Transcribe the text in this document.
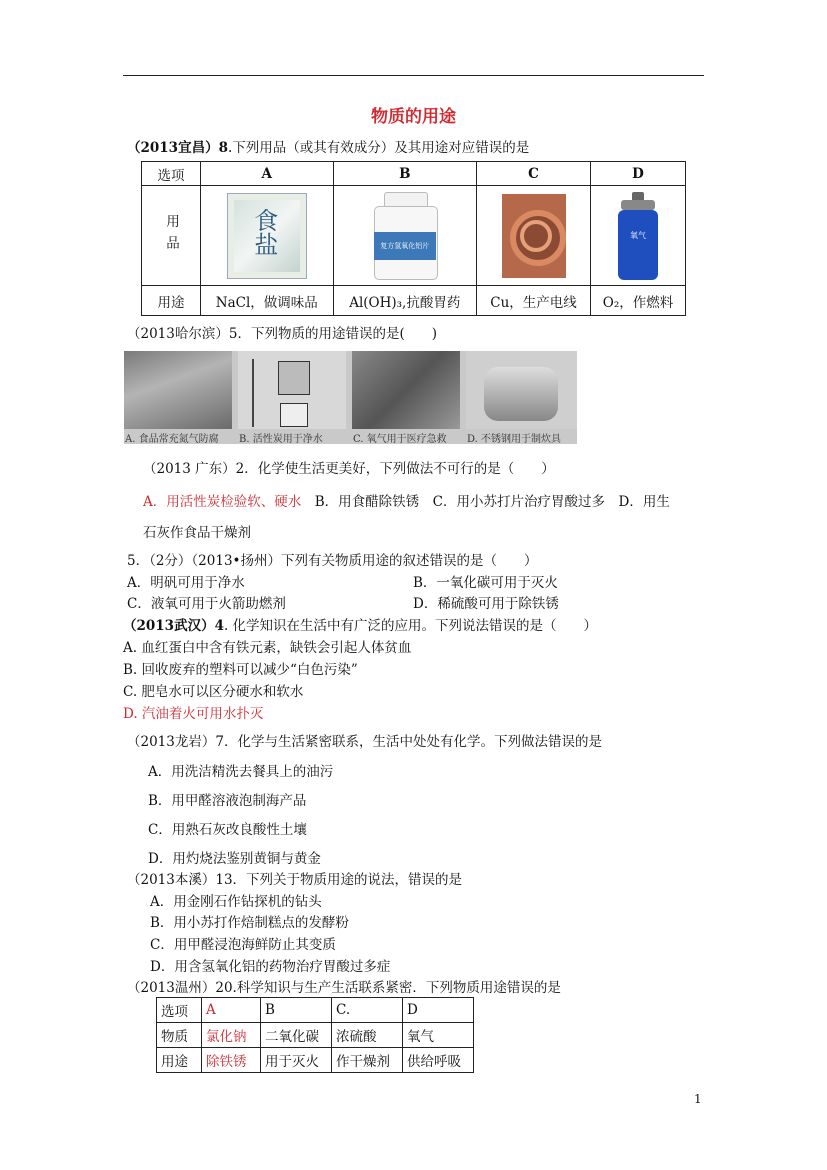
物质的用途
（2013宜昌）8.下列用品（或其有效成分）及其用途对应错误的是
选项	A	B	C	D
用品	食盐	复方氢氧化铝片		氧气

用途	NaCl，做调味品	Al(OH)₃,抗酸胃药	Cu，生产电线	O₂，作燃料
（2013哈尔滨）5．下列物质的用途错误的是(　　)
A. 食品常充氮气防腐 B. 活性炭用于净水	C. 氧气用于医疗急救 D. 不锈钢用于制炊具
（2013 广东）2．化学使生活更美好，下列做法不可行的是（　　）
A．用活性炭检验软、硬水　B．用食醋除铁锈　C．用小苏打片治疗胃酸过多　D．用生
石灰作食品干燥剂
5．（2分）（2013•扬州）下列有关物质用途的叙述错误的是（　　）
A．明矾可用于净水	B．一氧化碳可用于灭火
C．液氧可用于火箭助燃剂	D．稀硫酸可用于除铁锈
（2013武汉）4. 化学知识在生活中有广泛的应用。下列说法错误的是（　　）
A. 血红蛋白中含有铁元素，缺铁会引起人体贫血
B. 回收废弃的塑料可以减少“白色污染”
C. 肥皂水可以区分硬水和软水
D. 汽油着火可用水扑灭
（2013龙岩）7．化学与生活紧密联系，生活中处处有化学。下列做法错误的是
A．用洗洁精洗去餐具上的油污
B．用甲醛溶液泡制海产品
C．用熟石灰改良酸性土壤
D．用灼烧法鉴别黄铜与黄金
（2013本溪）13．下列关于物质用途的说法，错误的是
A．用金刚石作钻探机的钻头
B．用小苏打作焙制糕点的发酵粉
C．用甲醛浸泡海鲜防止其变质
D．用含氢氧化铝的药物治疗胃酸过多症
（2013温州）20.科学知识与生产生活联系紧密．下列物质用途错误的是
选项	A	B	C.	D
物质	氯化钠	二氧化碳	浓硫酸	氧气
用途	除铁锈	用于灭火	作干燥剂	供给呼吸
1
